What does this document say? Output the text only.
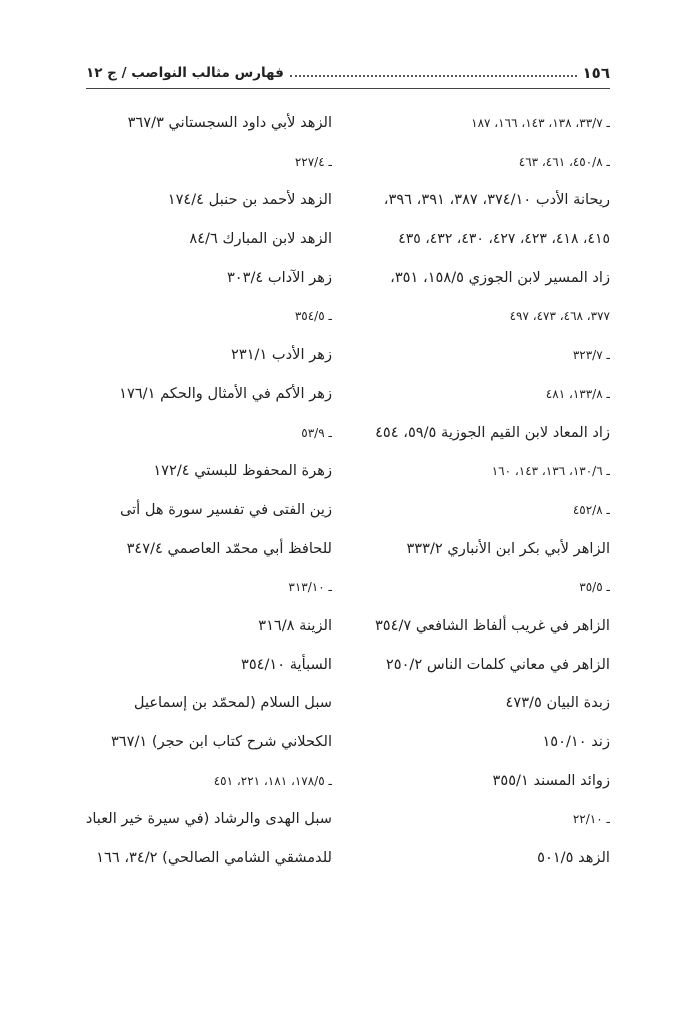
١٥٦
فهارس مثالب النواصب / ج ١٢
ـ ٣٣/٧، ١٣٨، ١٤٣، ١٦٦، ١٨٧
ـ ٤٥٠/٨، ٤٦١، ٤٦٣
ريحانة الأدب ٣٧٤/١٠، ٣٨٧، ٣٩١، ٣٩٦،
٤١٥، ٤١٨، ٤٢٣، ٤٢٧، ٤٣٠، ٤٣٢، ٤٣٥
زاد المسير لابن الجوزي ١٥٨/٥، ٣٥١،
٣٧٧، ٤٦٨، ٤٧٣، ٤٩٧
ـ ٣٢٣/٧
ـ ١٣٣/٨، ٤٨١
زاد المعاد لابن القيم الجوزية ٥٩/٥، ٤٥٤
ـ ١٣٠/٦، ١٣٦، ١٤٣، ١٦٠
ـ ٤٥٢/٨
الزاهر لأبي بكر ابن الأنباري ٣٣٣/٢
ـ ٣٥/٥
الزاهر في غريب ألفاظ الشافعي ٣٥٤/٧
الزاهر في معاني كلمات الناس ٢٥٠/٢
زبدة البيان ٤٧٣/٥
زند ١٥٠/١٠
زوائد المسند ٣٥٥/١
ـ ٢٢/١٠
الزهد ٥٠١/٥
الزهد لأبي داود السجستاني ٣٦٧/٣
ـ ٢٢٧/٤
الزهد لأحمد بن حنبل ١٧٤/٤
الزهد لابن المبارك ٨٤/٦
زهر الآداب ٣٠٣/٤
ـ ٣٥٤/٥
زهر الأدب ٢٣١/١
زهر الأكم في الأمثال والحكم ١٧٦/١
ـ ٥٣/٩
زهرة المحفوظ للبستي ١٧٢/٤
زين الفتى في تفسير سورة هل أتى
للحافظ أبي محمّد العاصمي ٣٤٧/٤
ـ ٣١٣/١٠
الزينة ٣١٦/٨
السبأية ٣٥٤/١٠
سبل السلام (لمحمّد بن إسماعيل
الكحلاني شرح كتاب ابن حجر) ٣٦٧/١
ـ ١٧٨/٥، ١٨١، ٢٢١، ٤٥١
سبل الهدى والرشاد (في سيرة خير العباد
للدمشقي الشامي الصالحي) ٣٤/٢، ١٦٦
